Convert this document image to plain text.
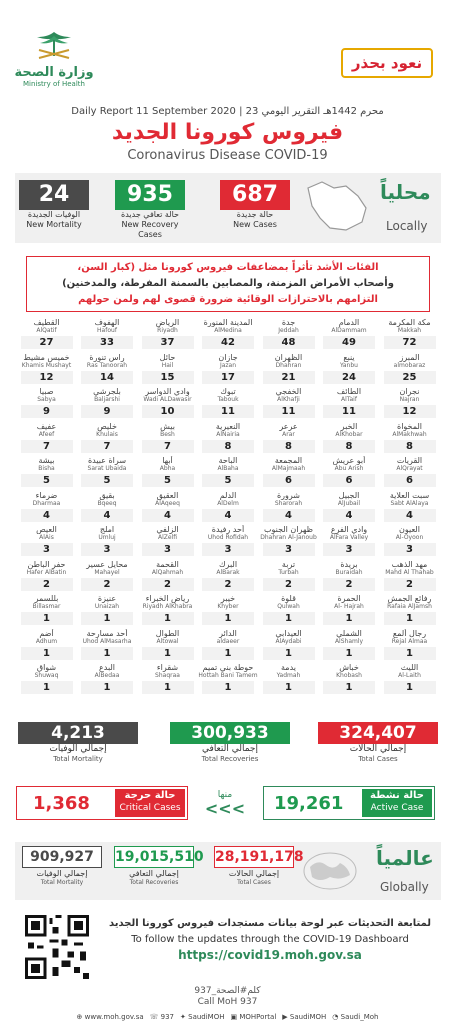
وزارة الصحة
Ministry of Health
نعود بحذر
Daily Report 11 September 2020 | 23 محرم 1442هـ التقرير اليومي
فيروس كورونا الجديد
Coronavirus Disease COVID-19
687
حالة جديدة
New Cases
935
حالة تعافي جديدة
New Recovery Cases
24
الوفيات الجديدة
New Mortality
محلياً
Locally

الفئات الأشد تأثراً بمضاعفات فيروس كورونا مثل (كبار السن،

وأصحاب الأمراض المزمنة، والمصابين بالسمنة المفرطة، والمدخنين)

التزامهم بالاحترازات الوقائية ضرورة قصوى لهم ولمن حولهم

مكة المكرمة
Makkah
72
الدمام
AlDammam
49
جدة
Jeddah
48
المدينة المنورة
AlMedina
42
الرياض
Riyadh
37
الهفوف
Hafouf
33
القطيف
AlQatif
27
المبرز
almobaraz
25
ينبع
Yanbu
24
الظهران
Dhahran
21
جازان
Jazan
17
حائل
Hail
15
راس تنورة
Ras Tanoorah
14
خميس مشيط
Khamis Mushayt
12
نجران
Najran
12
الطائف
AlTaif
11
الخفجي
AlKhafji
11
تبوك
Tabouk
11
وادي الدواسر
Wadi ALDawasir
10
بلجرشي
Baljarshi
9
صبيا
Sabya
9
المخواة
AlMakhwah
8
الخبر
AlKhobar
8
عرعر
Arar
8
النعيرية
AlNairia
8
بيش
Besh
7
خليص
Khulais
7
عفيف
Afeef
7
القريات
AlQrayat
6
أبو عريش
Abu Arish
6
المجمعة
AlMajmaah
6
الباحة
AlBaha
5
أبها
Abha
5
سراة عبيدة
Sarat Ubaida
5
بيشة
Bisha
5
سبت العلاية
Sabt AlAlaya
4
الجبيل
AlJubail
4
شرورة
Sharorah
4
الدلم
AlDelm
4
العقيق
AlAqeeq
4
بقيق
Bqeeq
4
ضرماء
Dharmaa
4
العيون
Al-Oyoon
3
وادي الفرع
AlFara Valley
3
ظهران الجنوب
Dhahran Al-Janoub
3
أحد رفيدة
Uhod Rofidah
3
الزلفي
AlZelfi
3
املج
Umluj
3
العيص
AlAis
3
مهد الذهب
Mahd Al Thahab
2
بريدة
Buraidah
2
تربة
Turbah
2
البرك
AlBarak
2
القحمة
AlQahmah
2
محايل عسير
Mahayel
2
حفر الباطن
Hafer AlBatin
2
رفائع الجمش
Rafaia AlJamsh
1
الحمرة
Al- Hajrah
1
قلوة
Qulwah
1
خيبر
Khyber
1
رياض الخبراء
Riyadh AlKhabra
1
عنيزة
Unaizah
1
بللسمر
Billasmar
1
رجال ألمع
Rejal Almaa
1
الشملي
AlShamly
1
العيدابي
AlAydabi
1
الدائر
aldaeer
1
الطوال
Altowal
1
أحد مسارحة
Uhod AlMasarha
1
أضم
Adhum
1
الليث
Al-Laith
1
خباش
Khobash
1
يدمة
Yadmah
1
حوطة بني تميم
Hottah Bani Tamem
1
شقراء
Shaqraa
1
البدع
AlBedaa
1
شواق
Shuwaq
1
324,407
إجمالي الحالات
Total Cases
300,933
إجمالي التعافي
Total Recoveries
4,213
إجمالي الوفيات
Total Mortality
19,261	حالة نشطة
Active Case
منها
<<<
حالة حرجة
Critical Cases
1,368
عالمياً
Globally
28,191,178
إجمالي الحالات
Total Cases
19,015,510
إجمالي التعافي
Total Recoveries
909,927
إجمالي الوفيات
Total Mortality
لمتابعة التحديثات عبر لوحة بيانات مستجدات فيروس كورونا الجديد
To follow the updates through the COVID-19 Dashboard
https://covid19.moh.gov.sa
كلم#الصحة_937
Call MoH 937
⊕ www.moh.gov.sa ☏ 937 ✦ SaudiMOH ▣ MOHPortal ▶ SaudiMOH ◔ Saudi_Moh
